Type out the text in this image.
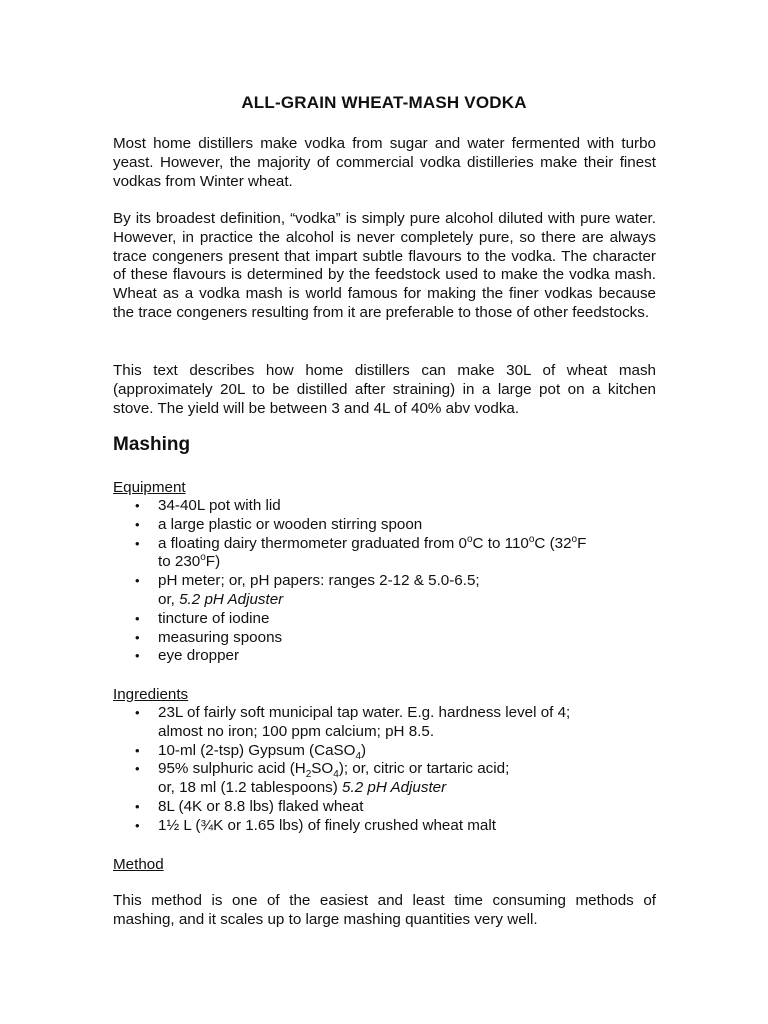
ALL-GRAIN WHEAT-MASH VODKA

Most home distillers make vodka from sugar and water fermented with turbo yeast. However, the majority of commercial vodka distilleries make their finest vodkas from Winter wheat.

By its broadest definition, “vodka” is simply pure alcohol diluted with pure water. However, in practice the alcohol is never completely pure, so there are always trace congeners present that impart subtle flavours to the vodka. The character of these flavours is determined by the feedstock used to make the vodka mash. Wheat as a vodka mash is world famous for making the finer vodkas because the trace congeners resulting from it are preferable to those of other feedstocks.

This text describes how home distillers can make 30L of wheat mash (approximately 20L to be distilled after straining) in a large pot on a kitchen stove. The yield will be between 3 and 4L of 40% abv vodka.

Mashing
Equipment
• 34-40L pot with lid
• a large plastic or wooden stirring spoon
• a floating dairy thermometer graduated from 0$^o$C to 110$^o$C (32$^o$F
to 230$^o$F)
• pH meter; or, pH papers: ranges 2-12 & 5.0-6.5;
or, 5.2 pH Adjuster
• tincture of iodine
• measuring spoons
• eye dropper
Ingredients
• 23L of fairly soft municipal tap water. E.g. hardness level of 4;
almost no iron; 100 ppm calcium; pH 8.5.
• 10-ml (2-tsp) Gypsum (CaSO$_4$)
• 95% sulphuric acid $(H_2SO_4)$; or, citric or tartaric acid;
or, 18 ml (1.2 tablespoons) 5.2 pH Adjuster
• 8L (4K or 8.8 lbs) flaked wheat
• 1½ L (¾K or 1.65 lbs) of finely crushed wheat malt
Method

This method is one of the easiest and least time consuming methods of mashing, and it scales up to large mashing quantities very well.
